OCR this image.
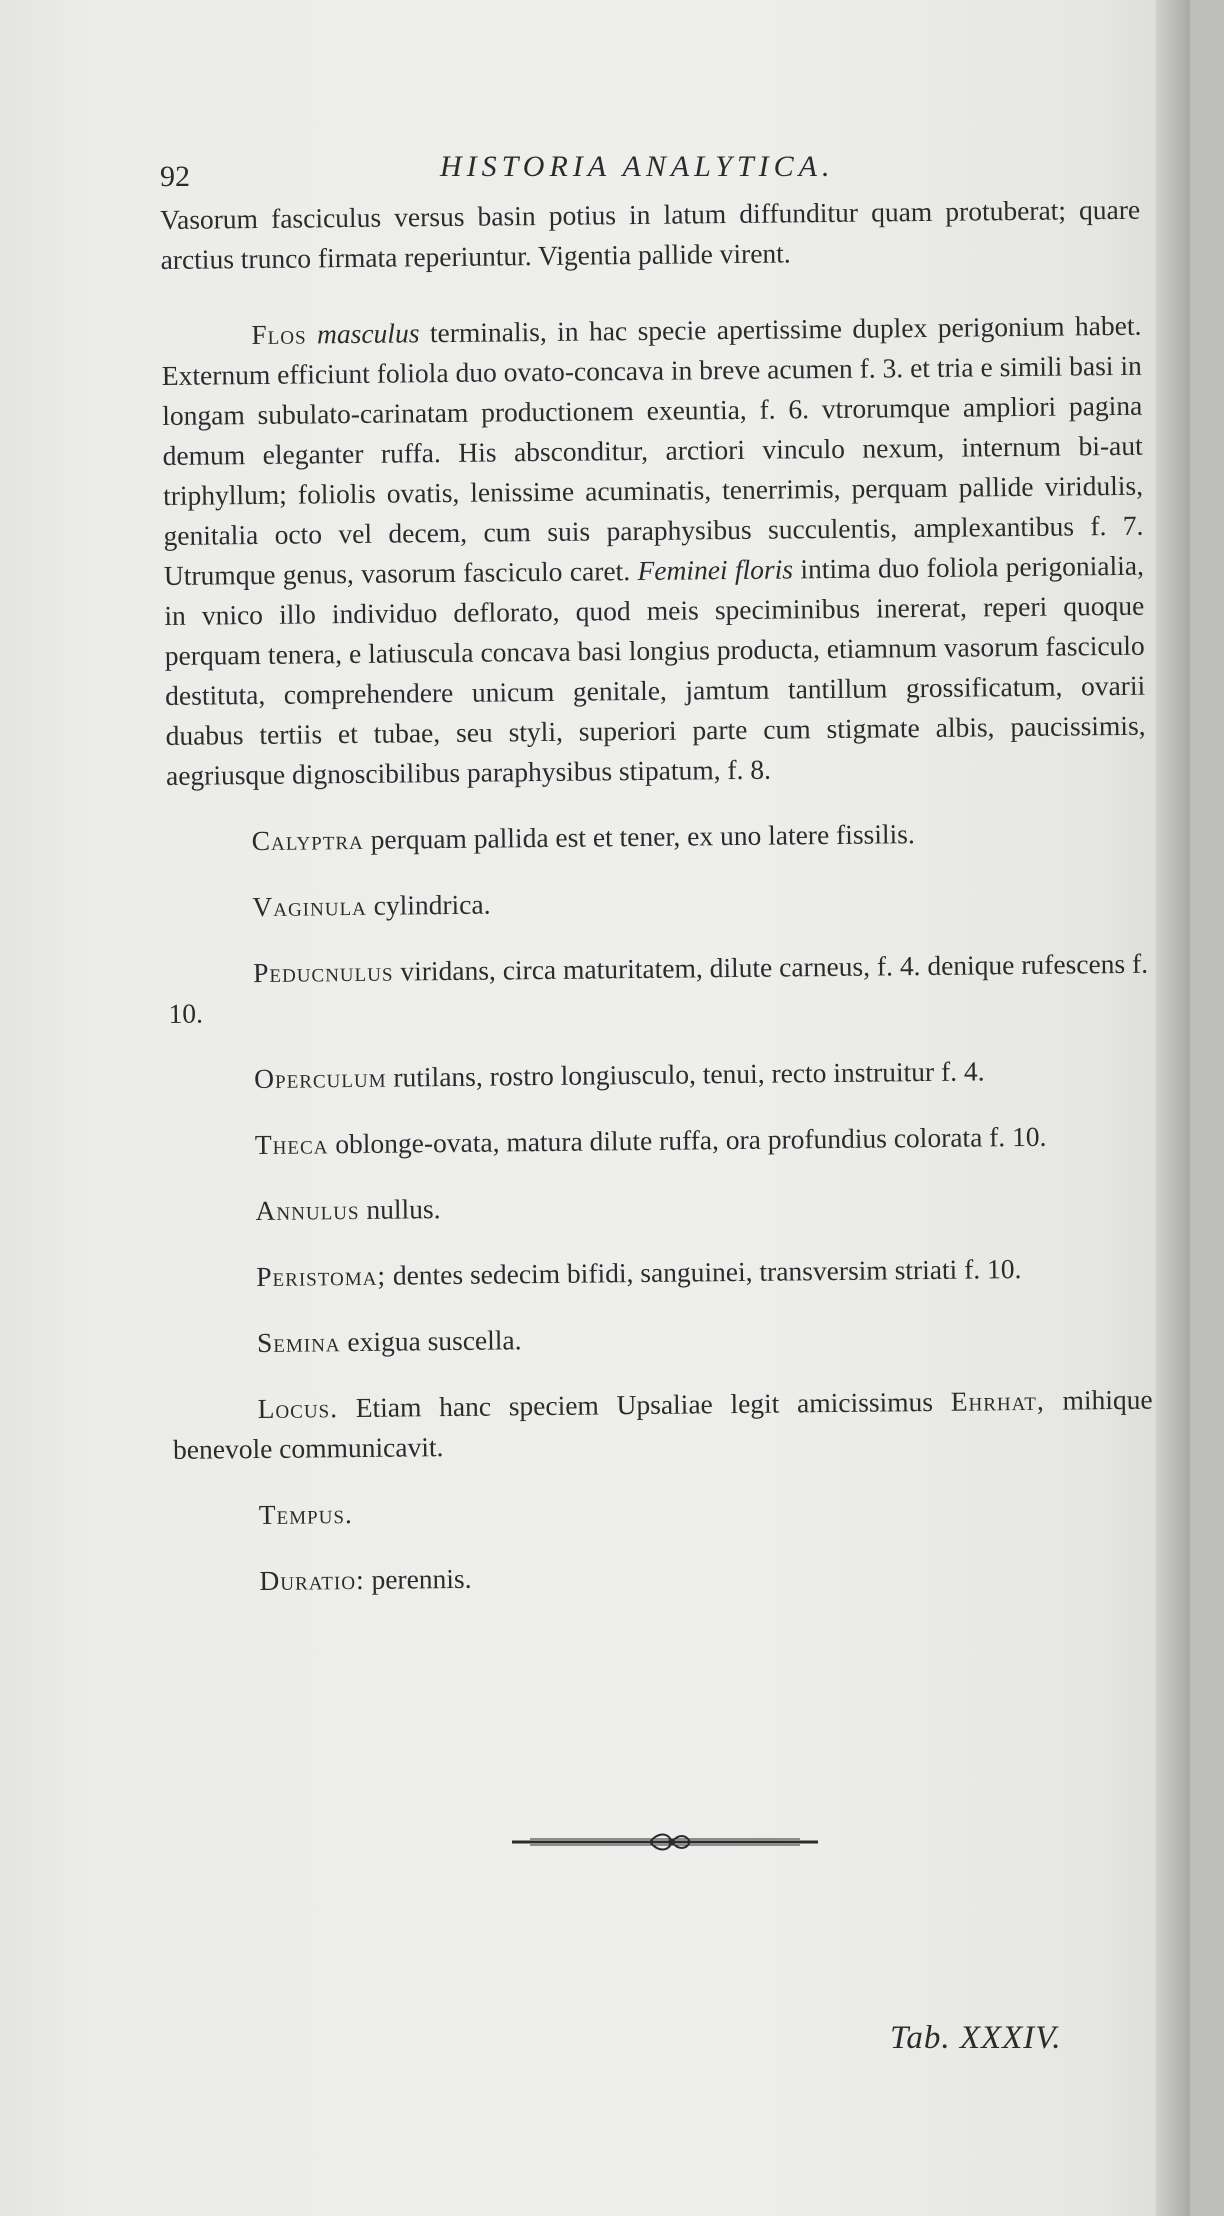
92	HISTORIA ANALYTICA.

Vasorum fasciculus versus basin potius in latum diffunditur quam protuberat; quare arctius trunco firmata reperiuntur. Vigentia pallide virent.

Flos masculus terminalis, in hac specie apertissime duplex perigonium habet. Externum efficiunt foliola duo ovato-concava in breve acumen f. 3. et tria e simili basi in longam subulato-carinatam productionem exeuntia, f. 6. vtrorumque ampliori pagina demum eleganter ruffa. His absconditur, arctiori vinculo nexum, internum bi-aut triphyllum; foliolis ovatis, lenissime acuminatis, tenerrimis, perquam pallide viridulis, genitalia octo vel decem, cum suis paraphysibus succulentis, amplexantibus f. 7. Utrumque genus, vasorum fasciculo caret. Feminei floris intima duo foliola perigonialia, in vnico illo individuo deflorato, quod meis speciminibus inererat, reperi quoque perquam tenera, e latiuscula concava basi longius producta, etiamnum vasorum fasciculo destituta, comprehendere unicum genitale, jamtum tantillum grossificatum, ovarii duabus tertiis et tubae, seu styli, superiori parte cum stigmate albis, paucissimis, aegriusque dignoscibilibus paraphysibus stipatum, f. 8.

Calyptra perquam pallida est et tener, ex uno latere fissilis.

Vaginula cylindrica.

Peducnulus viridans, circa maturitatem, dilute carneus, f. 4. denique rufescens f. 10.

Operculum rutilans, rostro longiusculo, tenui, recto instruitur f. 4.

Theca oblonge-ovata, matura dilute ruffa, ora profundius colorata f. 10.

Annulus nullus.

Peristoma; dentes sedecim bifidi, sanguinei, transversim striati f. 10.

Semina exigua suscella.

Locus. Etiam hanc speciem Upsaliae legit amicissimus Ehrhat, mihique benevole communicavit.

Tempus.

Duratio: perennis.

Tab. XXXIV.
